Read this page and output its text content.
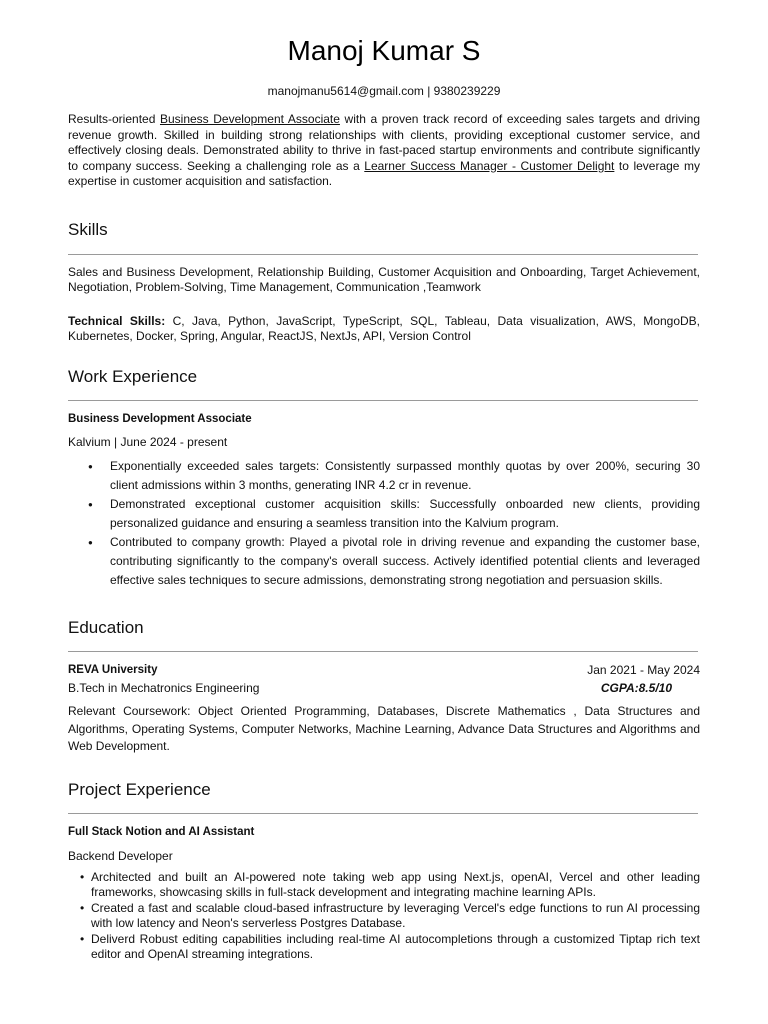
Manoj Kumar S
manojmanu5614@gmail.com | 9380239229
Results-oriented Business Development Associate with a proven track record of exceeding sales targets and driving revenue growth. Skilled in building strong relationships with clients, providing exceptional customer service, and effectively closing deals. Demonstrated ability to thrive in fast-paced startup environments and contribute significantly to company success. Seeking a challenging role as a Learner Success Manager - Customer Delight to leverage my expertise in customer acquisition and satisfaction.
Skills
Sales and Business Development, Relationship Building, Customer Acquisition and Onboarding, Target Achievement, Negotiation, Problem-Solving, Time Management, Communication ,Teamwork
Technical Skills: C, Java, Python, JavaScript, TypeScript, SQL, Tableau, Data visualization, AWS, MongoDB, Kubernetes, Docker, Spring, Angular, ReactJS, NextJs, API, Version Control
Work Experience
Business Development Associate
Kalvium | June 2024 - present
● Exponentially exceeded sales targets: Consistently surpassed monthly quotas by over 200%, securing 30 client admissions within 3 months, generating INR 4.2 cr in revenue.
● Demonstrated exceptional customer acquisition skills: Successfully onboarded new clients, providing personalized guidance and ensuring a seamless transition into the Kalvium program.
● Contributed to company growth: Played a pivotal role in driving revenue and expanding the customer base, contributing significantly to the company's overall success. Actively identified potential clients and leveraged effective sales techniques to secure admissions, demonstrating strong negotiation and persuasion skills.
Education
REVA University	Jan 2021 - May 2024
B.Tech in Mechatronics Engineering	CGPA:8.5/10
Relevant Coursework: Object Oriented Programming, Databases, Discrete Mathematics , Data Structures and Algorithms, Operating Systems, Computer Networks, Machine Learning, Advance Data Structures and Algorithms and Web Development.
Project Experience
Full Stack Notion and AI Assistant
Backend Developer
• Architected and built an AI-powered note taking web app using Next.js, openAI, Vercel and other leading frameworks, showcasing skills in full-stack development and integrating machine learning APIs.
• Created a fast and scalable cloud-based infrastructure by leveraging Vercel's edge functions to run AI processing with low latency and Neon's serverless Postgres Database.
• Deliverd Robust editing capabilities including real-time AI autocompletions through a customized Tiptap rich text editor and OpenAI streaming integrations.
